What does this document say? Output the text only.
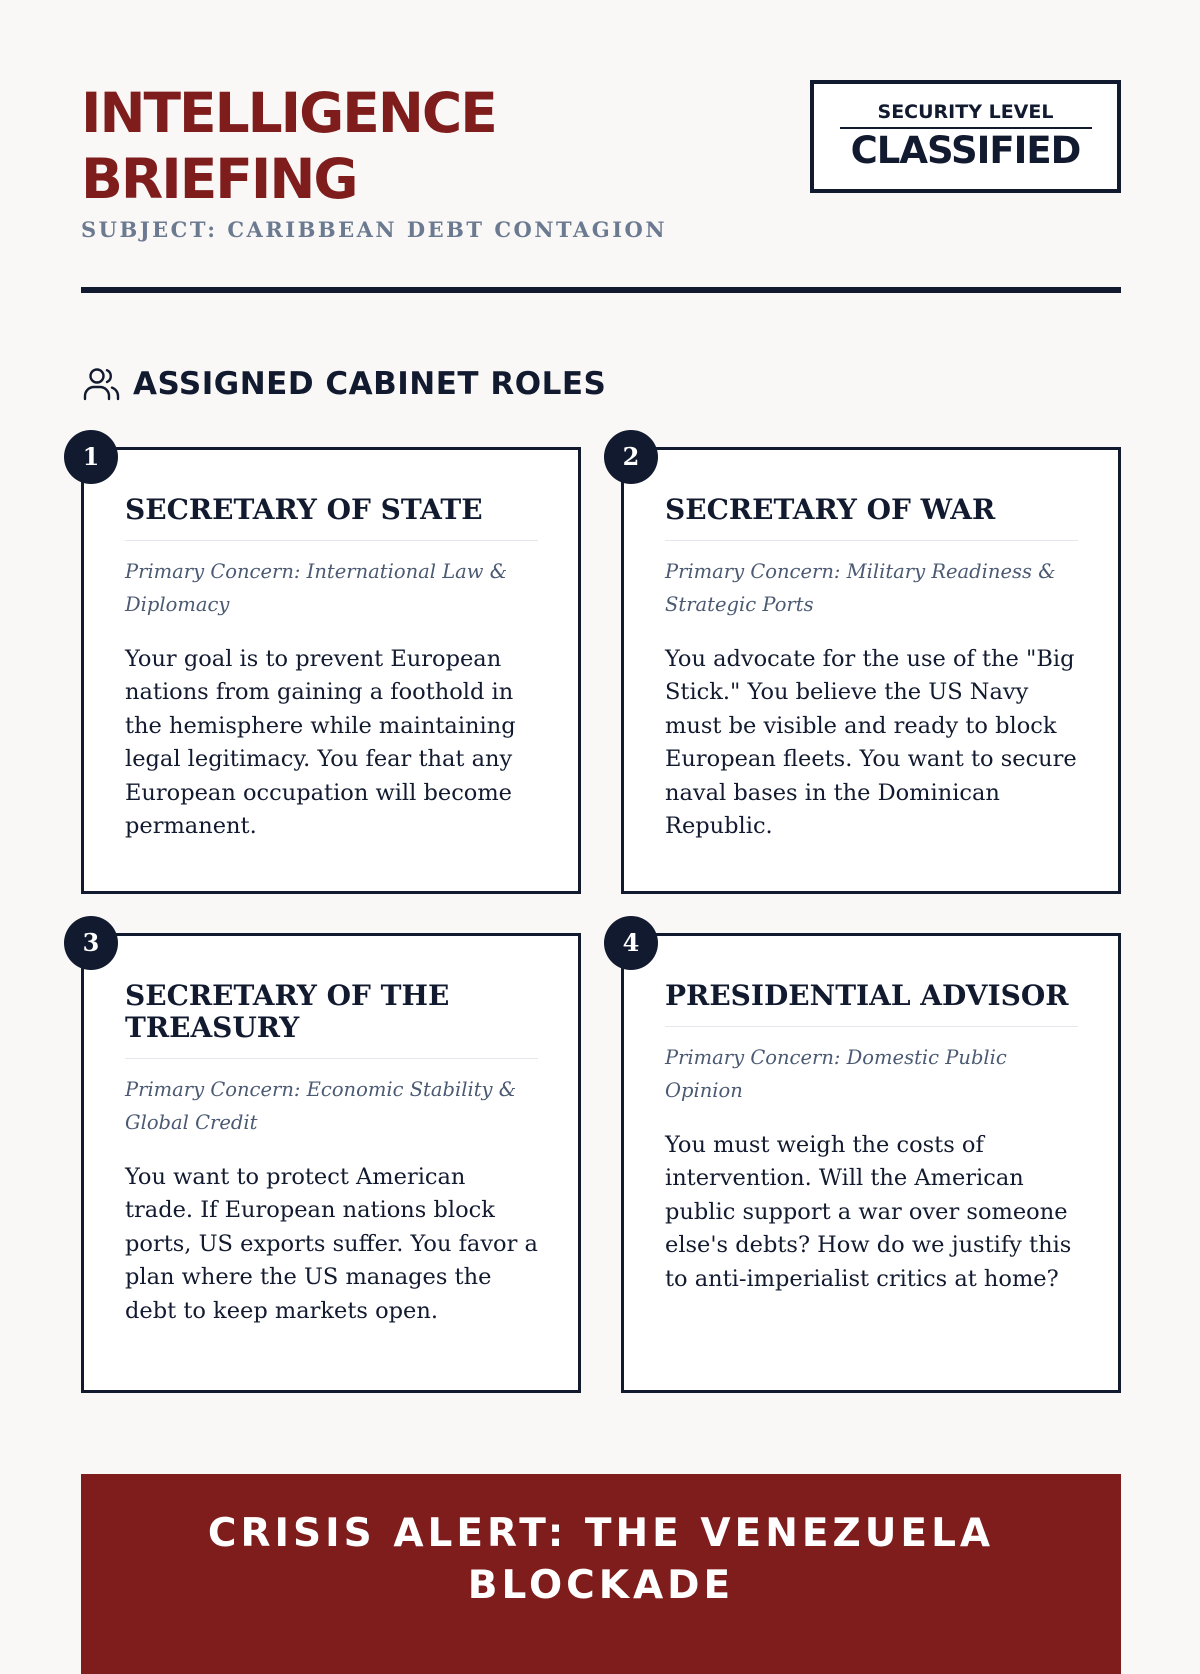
INTELLIGENCE BRIEFING
SUBJECT: CARIBBEAN DEBT CONTAGION
SECURITY LEVEL
CLASSIFIED
ASSIGNED CABINET ROLES
1
SECRETARY OF STATE

Primary Concern: International Law & Diplomacy

Your goal is to prevent European nations from gaining a foothold in the hemisphere while maintaining legal legitimacy. You fear that any European occupation will become permanent.

2
SECRETARY OF WAR

Primary Concern: Military Readiness & Strategic Ports

You advocate for the use of the "Big Stick." You believe the US Navy must be visible and ready to block European fleets. You want to secure naval bases in the Dominican Republic.

3
SECRETARY OF THE TREASURY

Primary Concern: Economic Stability & Global Credit

You want to protect American trade. If European nations block ports, US exports suffer. You favor a plan where the US manages the debt to keep markets open.

4
PRESIDENTIAL ADVISOR

Primary Concern: Domestic Public Opinion

You must weigh the costs of intervention. Will the American public support a war over someone else's debts? How do we justify this to anti-imperialist critics at home?

CRISIS ALERT: THE VENEZUELA BLOCKADE
